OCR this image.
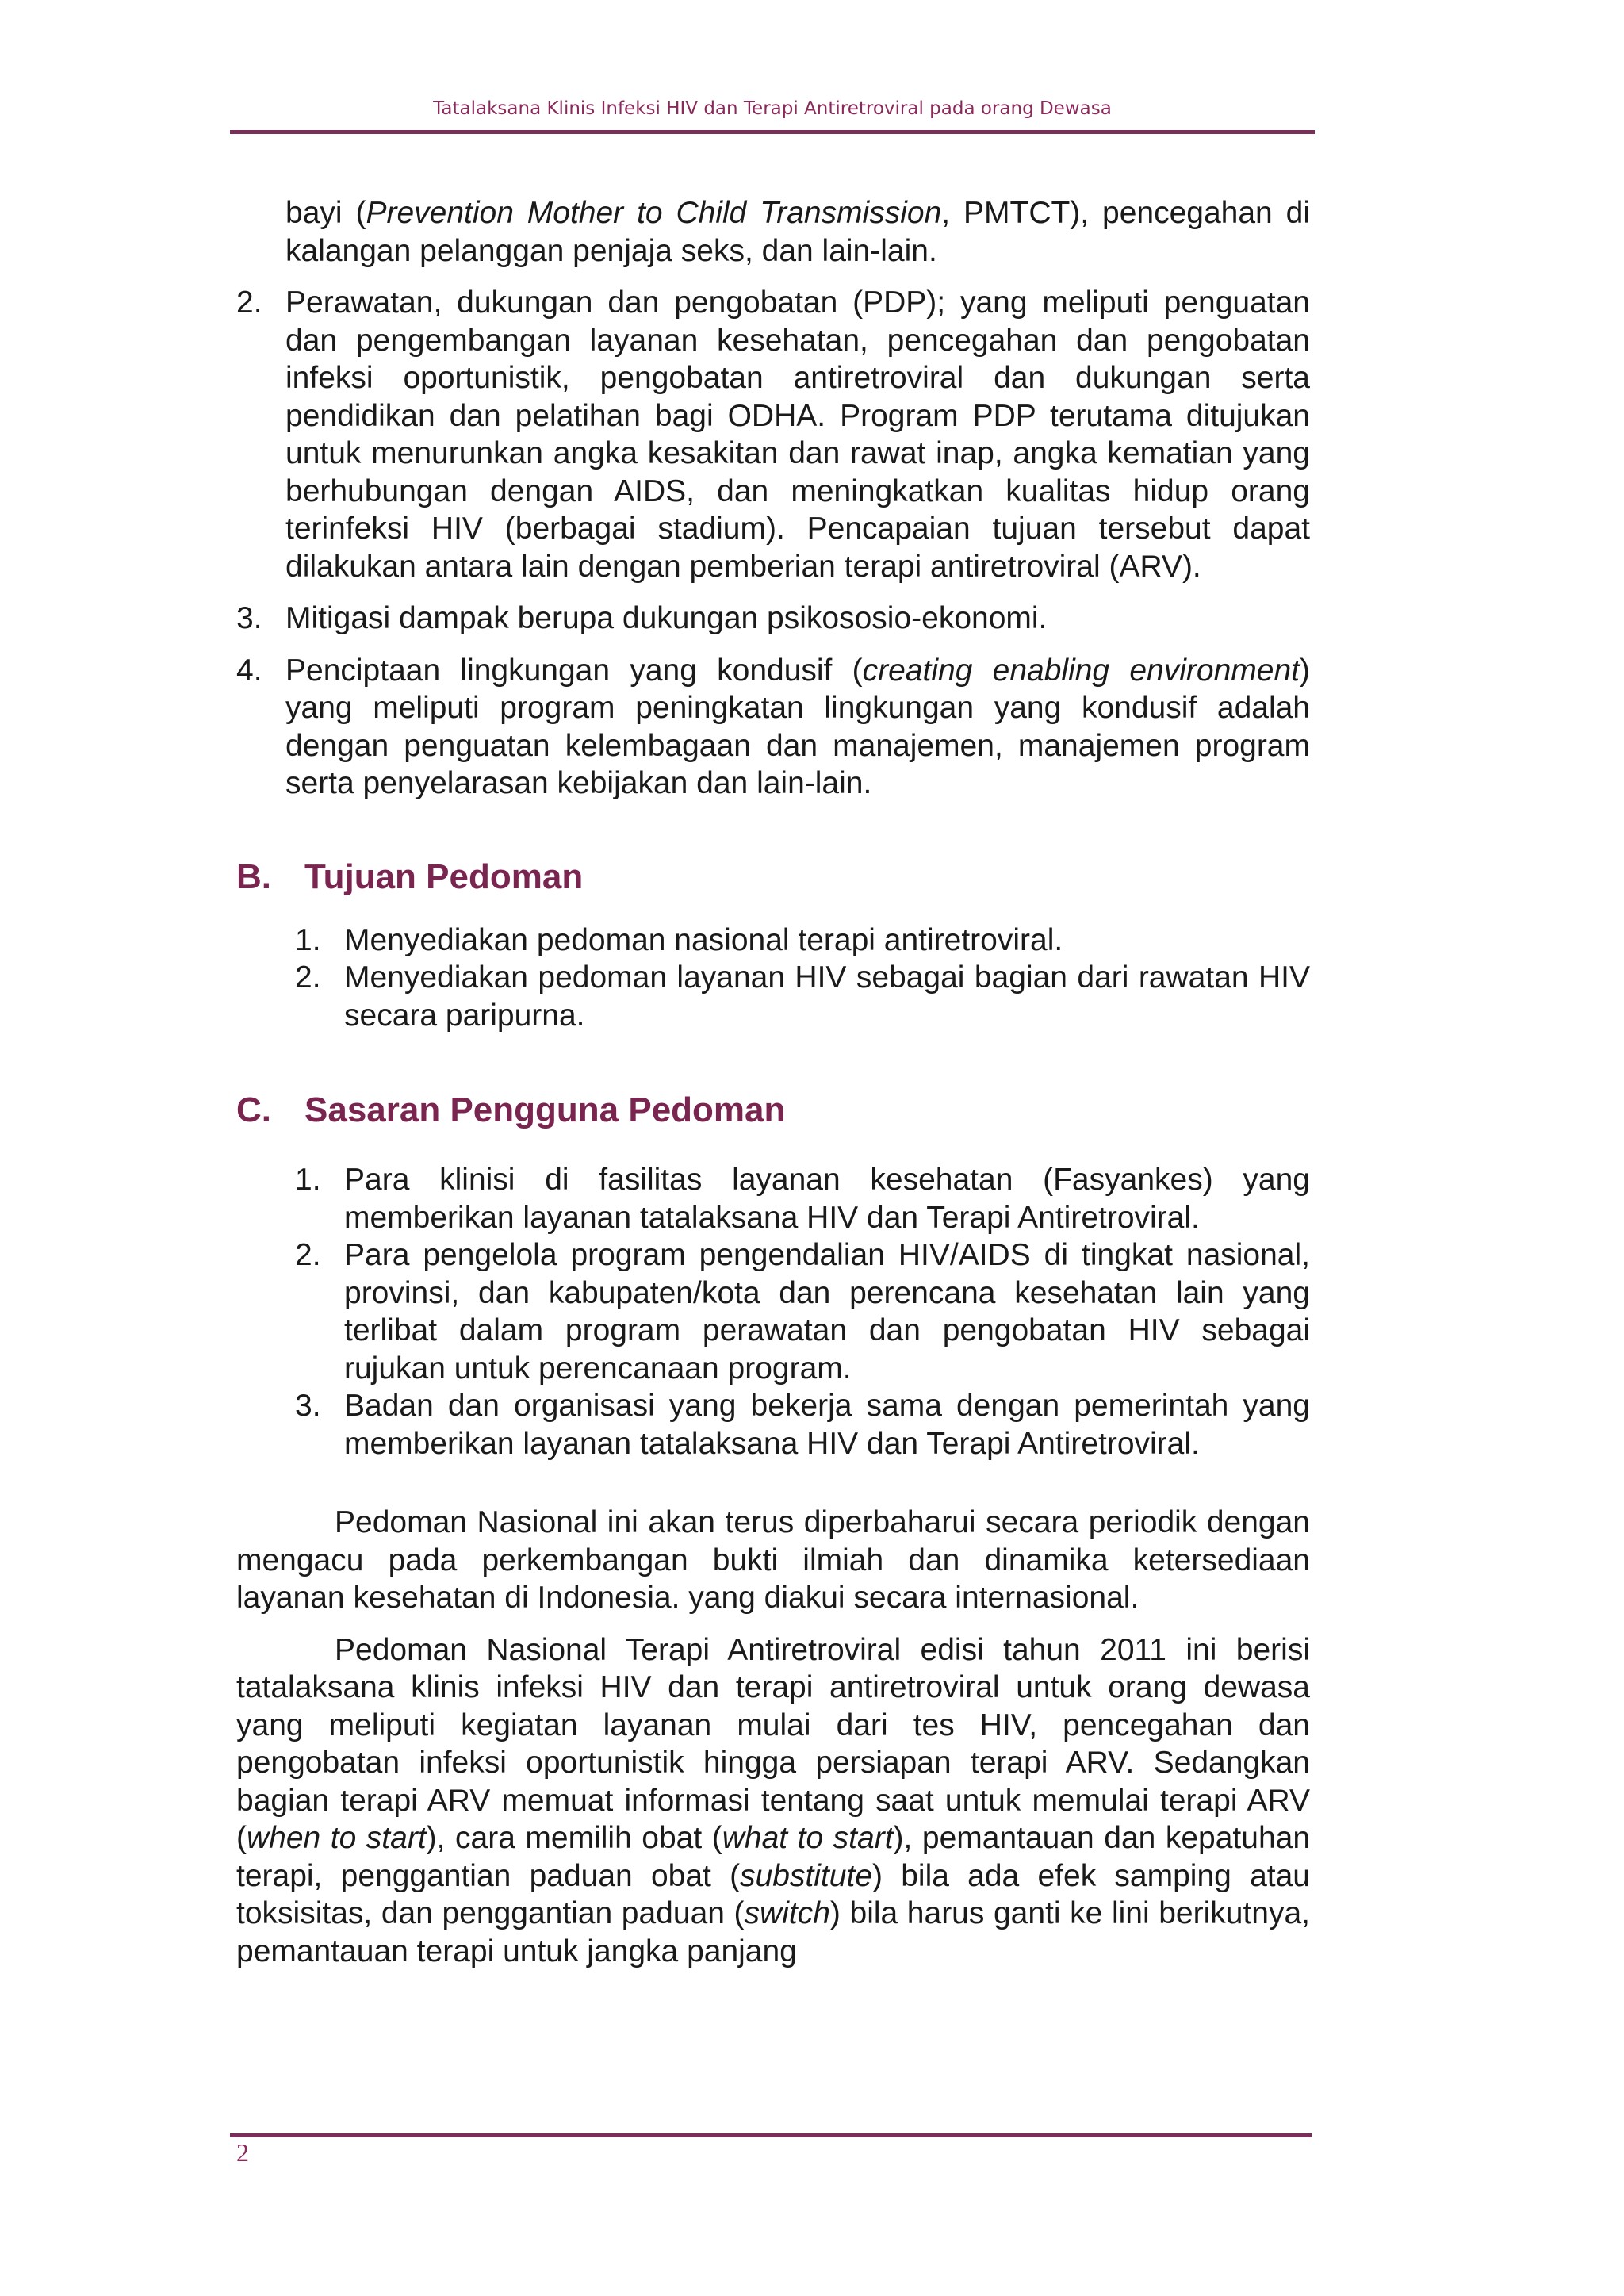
Tatalaksana Klinis Infeksi HIV dan Terapi Antiretroviral pada orang Dewasa

bayi (Prevention Mother to Child Transmission, PMTCT), pencegahan di kalangan pelanggan penjaja seks, dan lain-lain.

2. Perawatan, dukungan dan pengobatan (PDP); yang meliputi penguatan dan pengembangan layanan kesehatan, pencegahan dan pengobatan infeksi oportunistik, pengobatan antiretroviral dan dukungan serta pendidikan dan pelatihan bagi ODHA. Program PDP terutama ditujukan untuk menurunkan angka kesakitan dan rawat inap, angka kematian yang berhubungan dengan AIDS, dan meningkatkan kualitas hidup orang terinfeksi HIV (berbagai stadium). Pencapaian tujuan tersebut dapat dilakukan antara lain dengan pemberian terapi antiretroviral (ARV).
3. Mitigasi dampak berupa dukungan psikososio-ekonomi.
4. Penciptaan lingkungan yang kondusif (creating enabling environment) yang meliputi program peningkatan lingkungan yang kondusif adalah dengan penguatan kelembagaan dan manajemen, manajemen program serta penyelarasan kebijakan dan lain-lain.
B. Tujuan Pedoman
1. Menyediakan pedoman nasional terapi antiretroviral.
2. Menyediakan pedoman layanan HIV sebagai bagian dari rawatan HIV secara paripurna.
C. Sasaran Pengguna Pedoman
1. Para klinisi di fasilitas layanan kesehatan (Fasyankes) yang memberikan layanan tatalaksana HIV dan Terapi Antiretroviral.
2. Para pengelola program pengendalian HIV/AIDS di tingkat nasional, provinsi, dan kabupaten/kota dan perencana kesehatan lain yang terlibat dalam program perawatan dan pengobatan HIV sebagai rujukan untuk perencanaan program.
3. Badan dan organisasi yang bekerja sama dengan pemerintah yang memberikan layanan tatalaksana HIV dan Terapi Antiretroviral.

Pedoman Nasional ini akan terus diperbaharui secara periodik dengan mengacu pada perkembangan bukti ilmiah dan dinamika ketersediaan layanan kesehatan di Indonesia. yang diakui secara internasional.

Pedoman Nasional Terapi Antiretroviral edisi tahun 2011 ini berisi tatalaksana klinis infeksi HIV dan terapi antiretroviral untuk orang dewasa yang meliputi kegiatan layanan mulai dari tes HIV, pencegahan dan pengobatan infeksi oportunistik hingga persiapan terapi ARV. Sedangkan bagian terapi ARV memuat informasi tentang saat untuk memulai terapi ARV (when to start), cara memilih obat (what to start), pemantauan dan kepatuhan terapi, penggantian paduan obat (substitute) bila ada efek samping atau toksisitas, dan penggantian paduan (switch) bila harus ganti ke lini berikutnya, pemantauan terapi untuk jangka panjang

2
